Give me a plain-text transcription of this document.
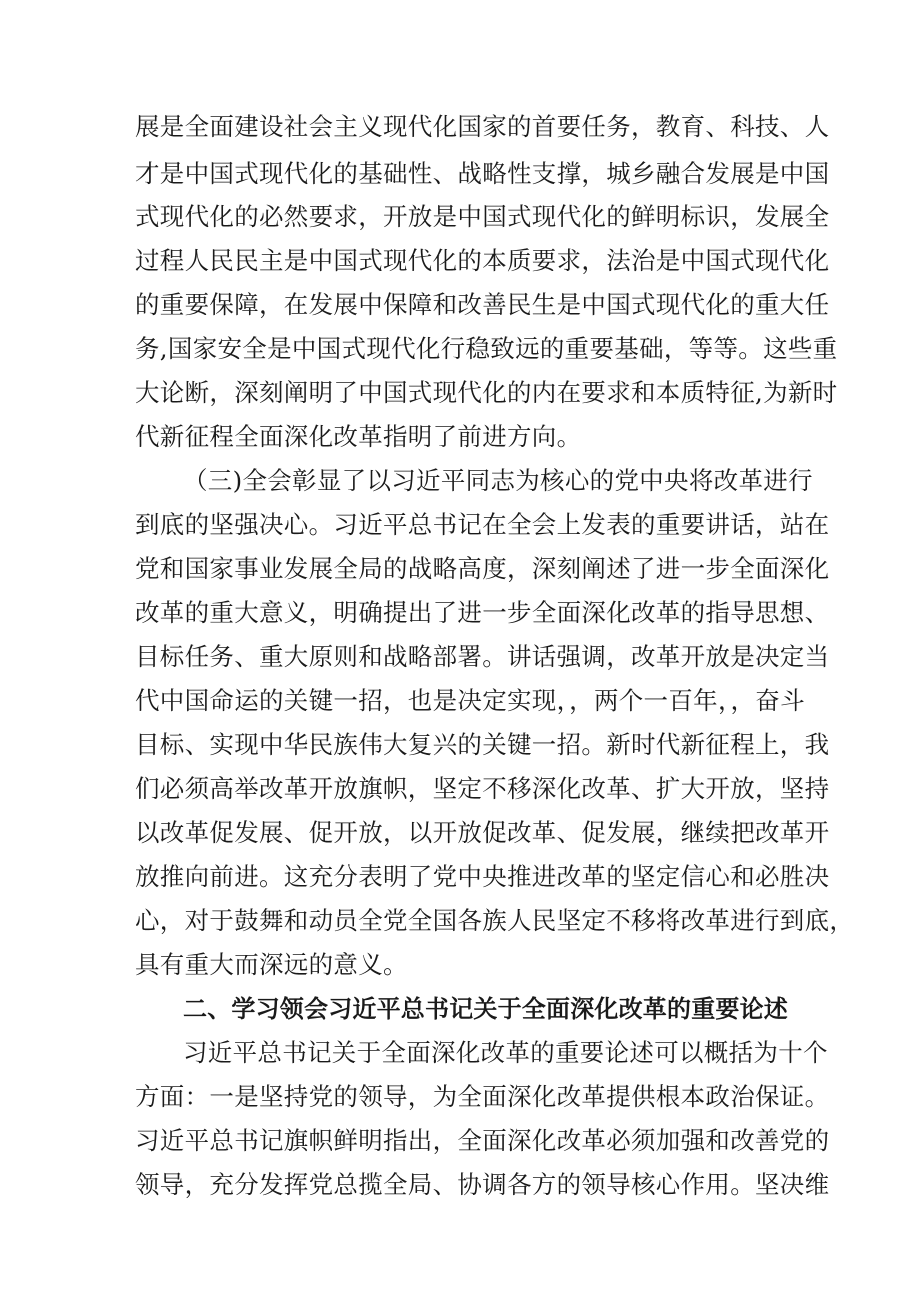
展是全面建设社会主义现代化国家的首要任务，教育、科技、人
才是中国式现代化的基础性、战略性支撑，城乡融合发展是中国
式现代化的必然要求，开放是中国式现代化的鲜明标识，发展全
过程人民民主是中国式现代化的本质要求，法治是中国式现代化
的重要保障，在发展中保障和改善民生是中国式现代化的重大任
务,国家安全是中国式现代化行稳致远的重要基础，等等。这些重
大论断，深刻阐明了中国式现代化的内在要求和本质特征,为新时
代新征程全面深化改革指明了前进方向。
（三)全会彰显了以习近平同志为核心的党中央将改革进行
到底的坚强决心。习近平总书记在全会上发表的重要讲话，站在
党和国家事业发展全局的战略高度，深刻阐述了进一步全面深化
改革的重大意义，明确提出了进一步全面深化改革的指导思想、
目标任务、重大原则和战略部署。讲话强调，改革开放是决定当
代中国命运的关键一招，也是决定实现，，两个一百年，，奋斗
目标、实现中华民族伟大复兴的关键一招。新时代新征程上，我
们必须高举改革开放旗帜，坚定不移深化改革、扩大开放，坚持
以改革促发展、促开放，以开放促改革、促发展，继续把改革开
放推向前进。这充分表明了党中央推进改革的坚定信心和必胜决
心，对于鼓舞和动员全党全国各族人民坚定不移将改革进行到底，
具有重大而深远的意义。
二、学习领会习近平总书记关于全面深化改革的重要论述
习近平总书记关于全面深化改革的重要论述可以概括为十个
方面：一是坚持党的领导，为全面深化改革提供根本政治保证。
习近平总书记旗帜鲜明指出，全面深化改革必须加强和改善党的
领导，充分发挥党总揽全局、协调各方的领导核心作用。坚决维
